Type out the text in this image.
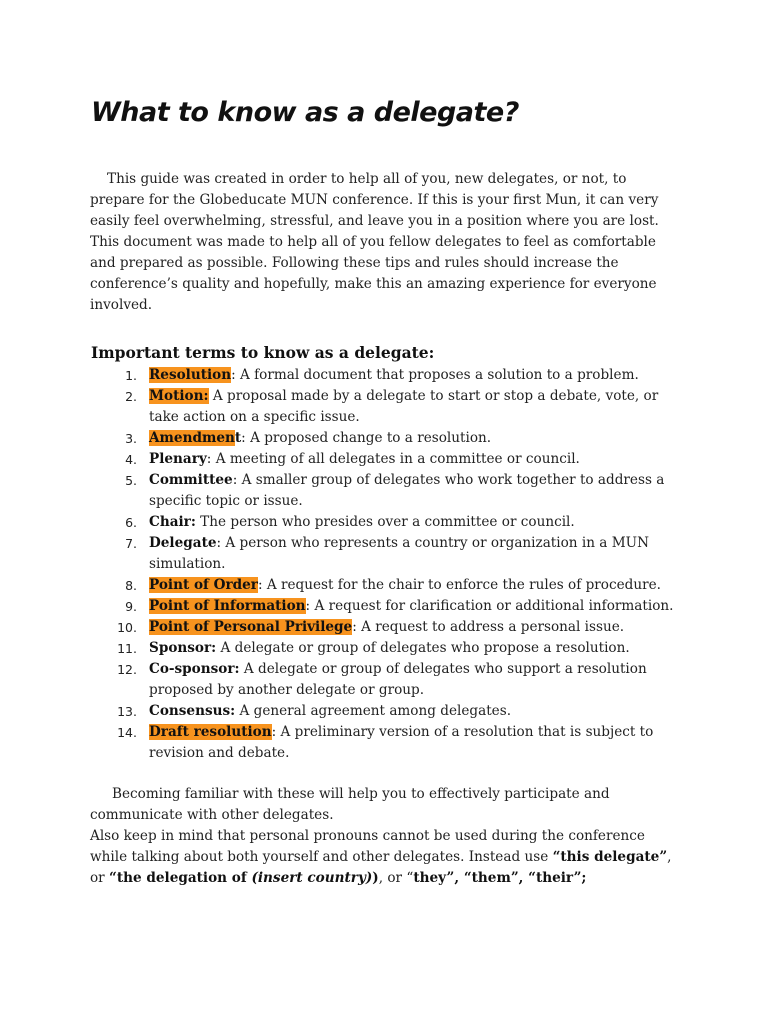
What to know as a delegate?

This guide was created in order to help all of you, new delegates, or not, to prepare for the Globeducate MUN conference. If this is your first Mun, it can very easily feel overwhelming, stressful, and leave you in a position where you are lost. This document was made to help all of you fellow delegates to feel as comfortable and prepared as possible. Following these tips and rules should increase the conference’s quality and hopefully, make this an amazing experience for everyone involved.

Important terms to know as a delegate:
1. Resolution: A formal document that proposes a solution to a problem.
2. Motion: A proposal made by a delegate to start or stop a debate, vote, or take action on a specific issue.
3. Amendment: A proposed change to a resolution.
4. Plenary: A meeting of all delegates in a committee or council.
5. Committee: A smaller group of delegates who work together to address a specific topic or issue.
6. Chair: The person who presides over a committee or council.
7. Delegate: A person who represents a country or organization in a MUN simulation.
8. Point of Order: A request for the chair to enforce the rules of procedure.
9. Point of Information: A request for clarification or additional information.
10. Point of Personal Privilege: A request to address a personal issue.
11. Sponsor: A delegate or group of delegates who propose a resolution.
12. Co-sponsor: A delegate or group of delegates who support a resolution proposed by another delegate or group.
13. Consensus: A general agreement among delegates.
14. Draft resolution: A preliminary version of a resolution that is subject to revision and debate.

Becoming familiar with these will help you to effectively participate and communicate with other delegates.

Also keep in mind that personal pronouns cannot be used during the conference while talking about both yourself and other delegates. Instead use “this delegate”, or “the delegation of (insert country)), or “they”, “them”, “their”;
